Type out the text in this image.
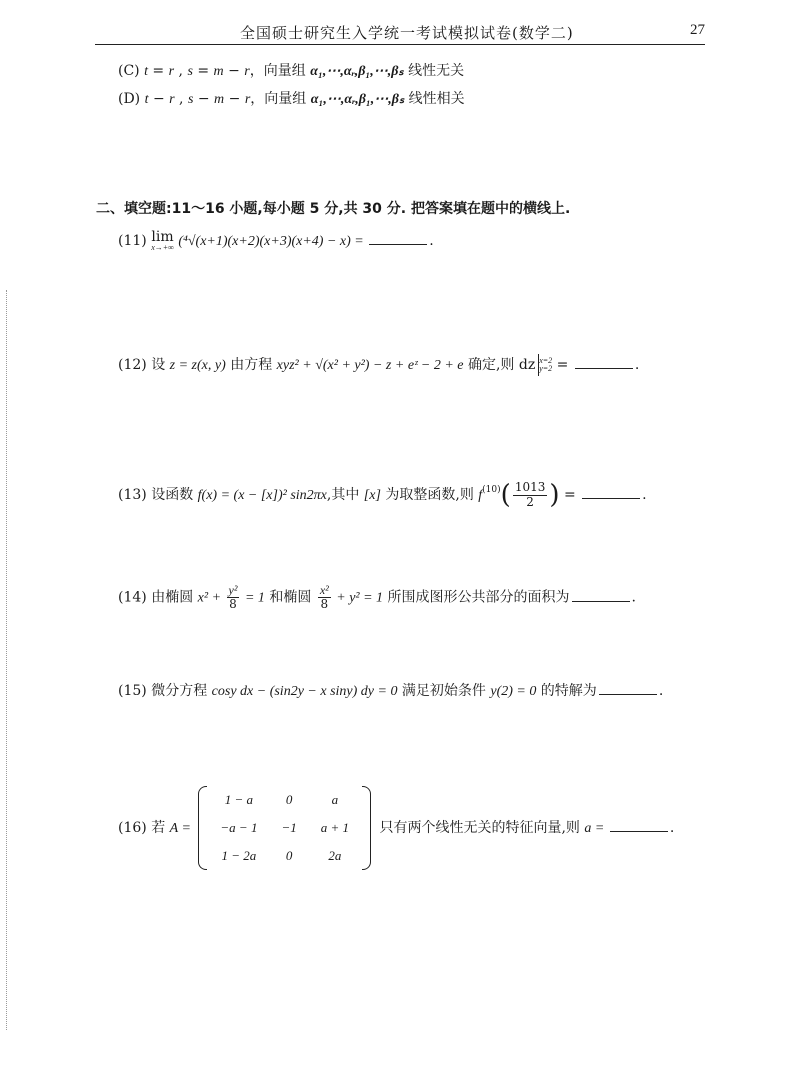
全国硕士研究生入学统一考试模拟试卷(数学二)	27
(C) t = r , s = m − r，向量组 α₁,⋯,αᵣ,β₁,⋯,βₛ 线性无关
(D) t − r , s − m − r，向量组 α₁,⋯,αᵣ,β₁,⋯,βₛ 线性相关
二、填空题:11～16 小题,每小题 5 分,共 30 分. 把答案填在题中的横线上.
(11) lim
x→+∞ (⁴√(x+1)(x+2)(x+3)(x+4) − x) =	.
(12) 设 z = z(x, y) 由方程 xyz² + √(x² + y²) − z + eᶻ − 2 + e 确定,则 dz x=2
y=2 =	.
(13) 设函数 f(x) = (x − [x])² sin2πx,其中 [x] 为取整函数,则 $f^{(10)}( \frac{1013}{2}$ ) =	.
(14) 由椭圆 $x^2 + \frac{\text{y²}}{8} = 1$ 和椭圆 $\frac{\text{x²}}{8} + y^2 = 1$ 所围成图形公共部分的面积为	.
(15) 微分方程 cosy dx − (sin2y − x siny) dy = 0 满足初始条件 y(2) = 0 的特解为	.
(16) 若 A =
1 − a	0	a
−a − 1	−1	a + 1
1 − 2a	0	2a
只有两个线性无关的特征向量,则 a =	.
